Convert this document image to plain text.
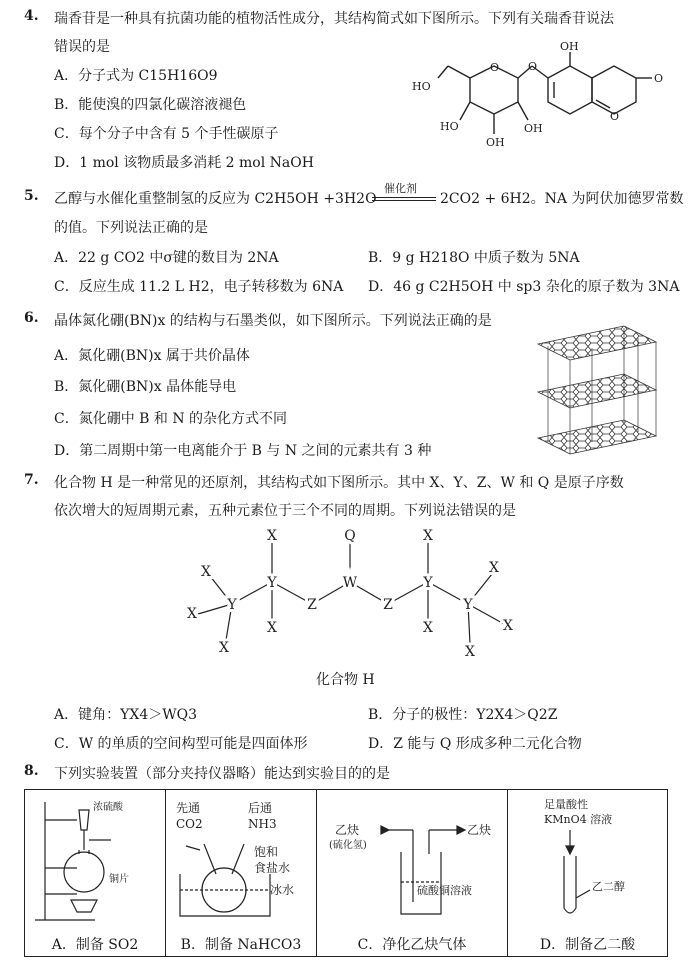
4. 瑞香苷是一种具有抗菌功能的植物活性成分，其结构简式如下图所示。下列有关瑞香苷说法
错误的是
A．分子式为 C15H16O9
B．能使溴的四氯化碳溶液褪色
C．每个分子中含有 5 个手性碳原子
D．1 mol 该物质最多消耗 2 mol NaOH
OH
HO
HO
OH
OH
O	O
O
O
5. 乙醇与水催化重整制氢的反应为 C2H5OH +3H2O
催化剂
2CO2 + 6H2。NA 为阿伏加德罗常数
的值。下列说法正确的是
A．22 g CO2 中σ键的数目为 2NA	B．9 g H218O 中质子数为 5NA
C．反应生成 11.2 L H2，电子转移数为 6NA D．46 g C2H5OH 中 sp3 杂化的原子数为 3NA
6. 晶体氮化硼(BN)x 的结构与石墨类似，如下图所示。下列说法正确的是
A．氮化硼(BN)x 属于共价晶体
B．氮化硼(BN)x 晶体能导电
C．氮化硼中 B 和 N 的杂化方式不同
D．第二周期中第一电离能介于 B 与 N 之间的元素共有 3 种
7. 化合物 H 是一种常见的还原剂，其结构式如下图所示。其中 X、Y、Z、W 和 Q 是原子序数
依次增大的短周期元素，五种元素位于三个不同的周期。下列说法错误的是
X	Q	X
X
Y	W	Y
X
Y	Z	Z	Y
X
X	X	X
X	X
化合物 H
A．键角：YX4＞WQ3	B．分子的极性：Y2X4＞Q2Z
C．W 的单质的空间构型可能是四面体形	D．Z 能与 Q 形成多种二元化合物
8. 下列实验装置（部分夹持仪器略）能达到实验目的的是
浓硫酸
铜片
A．制备 SO2

先通
CO2
后通
NH3
饱和
食盐水
冰水
B．制备 NaHCO3

乙炔
(硫化氢)
乙炔
硫酸铜溶液
C．净化乙炔气体

足量酸性
KMnO4 溶液
乙二醇
D．制备乙二酸
